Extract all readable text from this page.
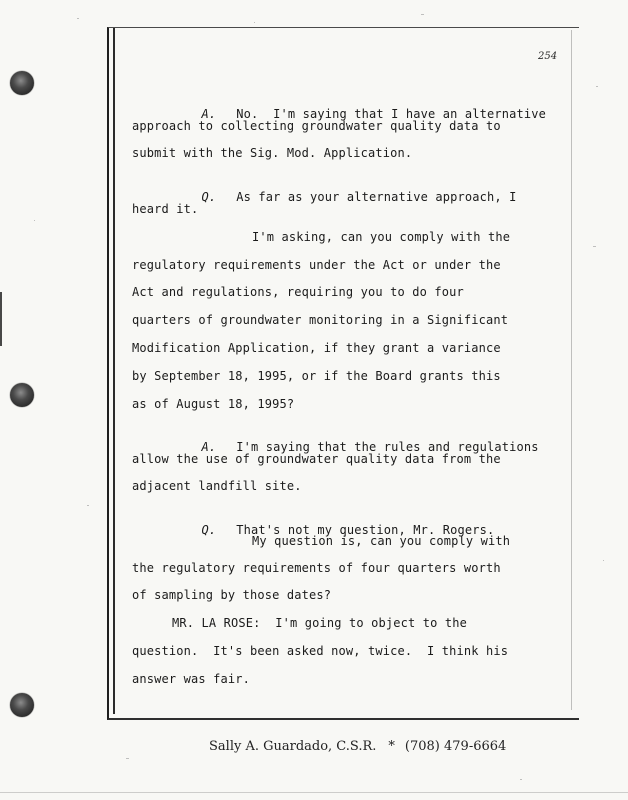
254

A. No.  I'm saying that I have an alternative

approach to collecting groundwater quality data to
submit with the Sig. Mod. Application.

Q. As far as your alternative approach, I

heard it.
I'm asking, can you comply with the
regulatory requirements under the Act or under the
Act and regulations, requiring you to do four
quarters of groundwater monitoring in a Significant
Modification Application, if they grant a variance
by September 18, 1995, or if the Board grants this
as of August 18, 1995?

A. I'm saying that the rules and regulations

allow the use of groundwater quality data from the
adjacent landfill site.

Q. That's not my question, Mr. Rogers.

My question is, can you comply with
the regulatory requirements of four quarters worth
of sampling by those dates?
MR. LA ROSE:  I'm going to object to the
question.  It's been asked now, twice.  I think his
answer was fair.
Sally A. Guardado, C.S.R. * (708) 479-6664
